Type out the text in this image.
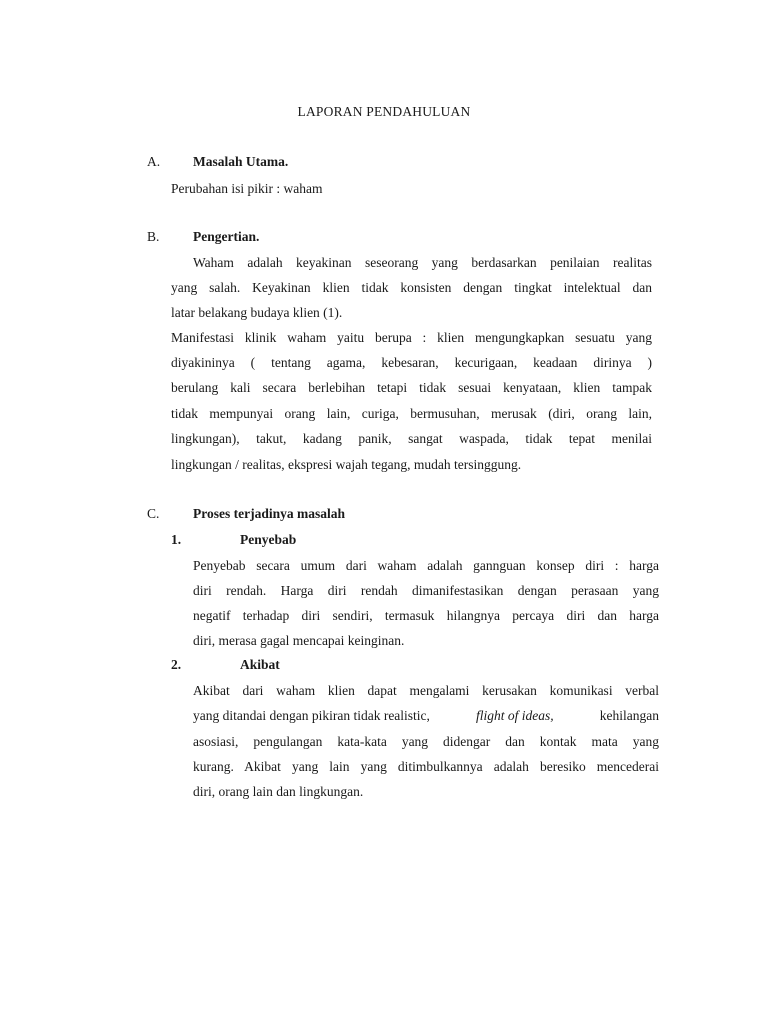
LAPORAN PENDAHULUAN
A. Masalah Utama.
Perubahan isi pikir : waham
B. Pengertian.
Waham adalah keyakinan seseorang yang berdasarkan penilaian realitas
yang salah. Keyakinan klien tidak konsisten dengan tingkat intelektual dan
latar belakang budaya klien (1).
Manifestasi klinik waham yaitu berupa : klien mengungkapkan sesuatu yang
diyakininya ( tentang agama, kebesaran, kecurigaan, keadaan dirinya )
berulang kali secara berlebihan tetapi tidak sesuai kenyataan, klien tampak
tidak mempunyai orang lain, curiga, bermusuhan, merusak (diri, orang lain,
lingkungan), takut, kadang panik, sangat waspada, tidak tepat menilai
lingkungan / realitas, ekspresi wajah tegang, mudah tersinggung.
C. Proses terjadinya masalah
1.	Penyebab
Penyebab secara umum dari waham adalah gannguan konsep diri : harga
diri rendah. Harga diri rendah dimanifestasikan dengan perasaan yang
negatif terhadap diri sendiri, termasuk hilangnya percaya diri dan harga
diri, merasa gagal mencapai keinginan.
2.	Akibat
Akibat dari waham klien dapat mengalami kerusakan komunikasi verbal
yang ditandai dengan pikiran tidak realistic,	flight of ideas,	kehilangan
asosiasi, pengulangan kata-kata yang didengar dan kontak mata yang
kurang. Akibat yang lain yang ditimbulkannya adalah beresiko mencederai
diri, orang lain dan lingkungan.
